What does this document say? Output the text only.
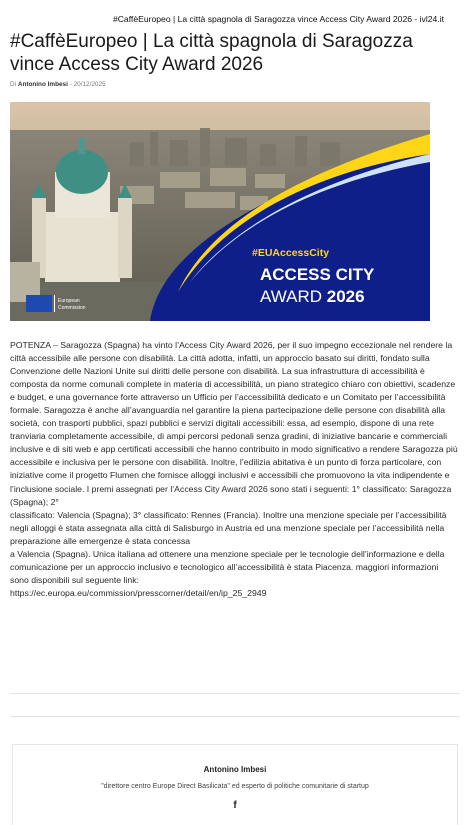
#CaffèEuropeo | La città spagnola di Saragozza vince Access City Award 2026 - ivl24.it
#CaffèEuropeo | La città spagnola di Saragozza vince Access City Award 2026
Di Antonino Imbesi - 20/12/2025
#EUAccessCity
ACCESS CITY
AWARD 2026
European
Commission

POTENZA – Saragozza (Spagna) ha vinto l’Access City Award 2026, per il suo impegno eccezionale nel rendere la città accessibile alle persone con disabilità. La città adotta, infatti, un approccio basato sui diritti, fondato sulla Convenzione delle Nazioni Unite sui diritti delle persone con disabilità. La sua infrastruttura di accessibilità è composta da norme comunali complete in materia di accessibilità, un piano strategico chiaro con obiettivi, scadenze e budget, e una governance forte attraverso un Ufficio per l’accessibilità dedicato e un Comitato per l’accessibilità formale. Saragozza è anche all’avanguardia nel garantire la piena partecipazione delle persone con disabilità alla società, con trasporti pubblici, spazi pubblici e servizi digitali accessibili: essa, ad esempio, dispone di una rete tranviaria completamente accessibile, di ampi percorsi pedonali senza gradini, di iniziative bancarie e commerciali inclusive e di siti web e app certificati accessibili che hanno contribuito in modo significativo a rendere Saragozza più accessibile e inclusiva per le persone con disabilità. Inoltre, l’edilizia abitativa è un punto di forza particolare, con iniziative come il progetto Flumen che fornisce alloggi inclusivi e accessibili che promuovono la vita indipendente e l’inclusione sociale. I premi assegnati per l’Access City Award 2026 sono stati i seguenti: 1° classificato: Saragozza (Spagna); 2°
classificato: Valencia (Spagna); 3° classificato: Rennes (Francia). Inoltre una menzione speciale per l’accessibilità negli alloggi è stata assegnata alla città di Salisburgo in Austria ed una menzione speciale per l’accessibilità nella preparazione alle emergenze è stata concessa
a Valencia (Spagna). Unica italiana ad ottenere una menzione speciale per le tecnologie dell’informazione e della comunicazione per un approccio inclusivo e tecnologico all’accessibilità è stata Piacenza. maggiori informazioni sono disponibili sul seguente link:
https://ec.europa.eu/commission/presscorner/detail/en/ip_25_2949

Antonino Imbesi
"direttore centro Europe Direct Basilicata" ed esperto di politiche comunitarie di startup
f
